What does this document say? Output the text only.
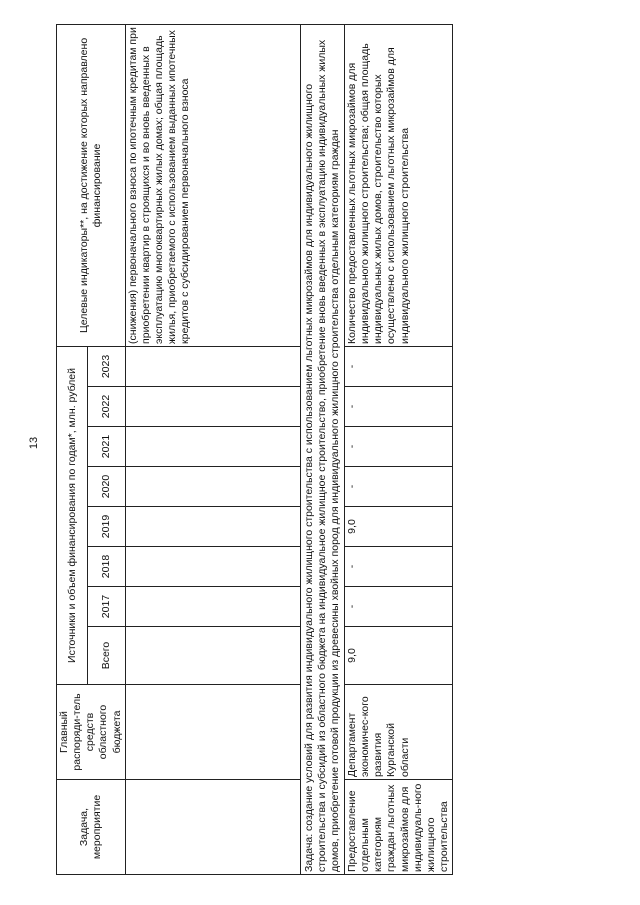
13
Задача, мероприятие	Главный распоряди-тель средств областного бюджета	Источники и объем финансирования по годам*, млн. рублей								Целевые индикаторы**, на достижение которых направлено финансирование
		Всего	2017	2018	2019	2020	2021	2022	2023	
										(снижения) первоначального взноса по ипотечным кредитам при приобретении квартир в строящихся и во вновь введенных в эксплуатацию многоквартирных жилых домах; общая площадь жилья, приобретаемого с использованием выданных ипотечных кредитов с субсидированием первоначального взноса
Задача: создание условий для развития индивидуального жилищного строительства с использованием льготных микрозаймов для индивидуального жилищного строительства и субсидий из областного бюджета на индивидуальное жилищное строительство, приобретение вновь введенных в эксплуатацию индивидуальных жилых домов, приобретение готовой продукции из древесины хвойных пород для индивидуального жилищного строительства отдельным категориям граждан										
Предоставление отдельным категориям граждан льготных микрозаймов для индивидуаль-ного жилищного строительства	Департамент экономичес-кого развития Курганской области	9,0	-	-	9,0	-	-	-	-	Количество предоставленных льготных микрозаймов для индивидуального жилищного строительства; общая площадь индивидуальных жилых домов, строительство которых осуществлено с использованием льготных микрозаймов для индивидуального жилищного строительства
